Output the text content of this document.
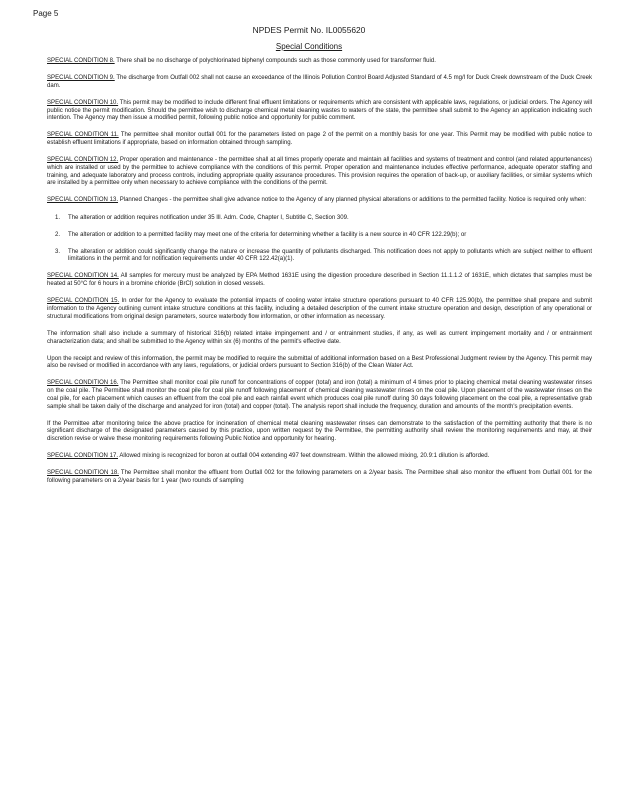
Page 5
NPDES Permit No. IL0055620
Special Conditions

SPECIAL CONDITION 8. There shall be no discharge of polychlorinated biphenyl compounds such as those commonly used for transformer fluid.

SPECIAL CONDITION 9. The discharge from Outfall 002 shall not cause an exceedance of the Illinois Pollution Control Board Adjusted Standard of 4.5 mg/l for Duck Creek downstream of the Duck Creek dam.

SPECIAL CONDITION 10. This permit may be modified to include different final effluent limitations or requirements which are consistent with applicable laws, regulations, or judicial orders. The Agency will public notice the permit modification. Should the permittee wish to discharge chemical metal cleaning wastes to waters of the state, the permittee shall submit to the Agency an application indicating such intention. The Agency may then issue a modified permit, following public notice and opportunity for public comment.

SPECIAL CONDITION 11. The permittee shall monitor outfall 001 for the parameters listed on page 2 of the permit on a monthly basis for one year. This Permit may be modified with public notice to establish effluent limitations if appropriate, based on information obtained through sampling.

SPECIAL CONDITION 12. Proper operation and maintenance - the permittee shall at all times properly operate and maintain all facilities and systems of treatment and control (and related appurtenances) which are installed or used by the permittee to achieve compliance with the conditions of this permit. Proper operation and maintenance includes effective performance, adequate operator staffing and training, and adequate laboratory and process controls, including appropriate quality assurance procedures. This provision requires the operation of back-up, or auxiliary facilities, or similar systems which are installed by a permittee only when necessary to achieve compliance with the conditions of the permit.

SPECIAL CONDITION 13. Planned Changes - the permittee shall give advance notice to the Agency of any planned physical alterations or additions to the permitted facility. Notice is required only when:

1. The alteration or addition requires notification under 35 Ill. Adm. Code, Chapter I, Subtitle C, Section 309.
2. The alteration or addition to a permitted facility may meet one of the criteria for determining whether a facility is a new source in 40 CFR 122.29(b); or
3. The alteration or addition could significantly change the nature or increase the quantity of pollutants discharged. This notification does not apply to pollutants which are subject neither to effluent limitations in the permit and for notification requirements under 40 CFR 122.42(a)(1).

SPECIAL CONDITION 14. All samples for mercury must be analyzed by EPA Method 1631E using the digestion procedure described in Section 11.1.1.2 of 1631E, which dictates that samples must be heated at 50°C for 6 hours in a bromine chloride (BrCl) solution in closed vessels.

SPECIAL CONDITION 15. In order for the Agency to evaluate the potential impacts of cooling water intake structure operations pursuant to 40 CFR 125.90(b), the permittee shall prepare and submit information to the Agency outlining current intake structure conditions at this facility, including a detailed description of the current intake structure operation and design, description of any operational or structural modifications from original design parameters, source waterbody flow information, or other information as necessary.

The information shall also include a summary of historical 316(b) related intake impingement and / or entrainment studies, if any, as well as current impingement mortality and / or entrainment characterization data; and shall be submitted to the Agency within six (6) months of the permit's effective date.

Upon the receipt and review of this information, the permit may be modified to require the submittal of additional information based on a Best Professional Judgment review by the Agency. This permit may also be revised or modified in accordance with any laws, regulations, or judicial orders pursuant to Section 316(b) of the Clean Water Act.

SPECIAL CONDITION 16. The Permittee shall monitor coal pile runoff for concentrations of copper (total) and iron (total) a minimum of 4 times prior to placing chemical metal cleaning wastewater rinses on the coal pile. The Permittee shall monitor the coal pile for coal pile runoff following placement of chemical cleaning wastewater rinses on the coal pile. Upon placement of the wastewater rinses on the coal pile, for each placement which causes an effluent from the coal pile and each rainfall event which produces coal pile runoff during 30 days following placement on the coal pile, a representative grab sample shall be taken daily of the discharge and analyzed for iron (total) and copper (total). The analysis report shall include the frequency, duration and amounts of the month's precipitation events.

If the Permittee after monitoring twice the above practice for incineration of chemical metal cleaning wastewater rinses can demonstrate to the satisfaction of the permitting authority that there is no significant discharge of the designated parameters caused by this practice, upon written request by the Permittee, the permitting authority shall review the monitoring requirements and may, at their discretion revise or waive these monitoring requirements following Public Notice and opportunity for hearing.

SPECIAL CONDITION 17. Allowed mixing is recognized for boron at outfall 004 extending 497 feet downstream. Within the allowed mixing, 20.9:1 dilution is afforded.

SPECIAL CONDITION 18. The Permittee shall monitor the effluent from Outfall 002 for the following parameters on a 2/year basis. The Permittee shall also monitor the effluent from Outfall 001 for the following parameters on a 2/year basis for 1 year (two rounds of sampling
